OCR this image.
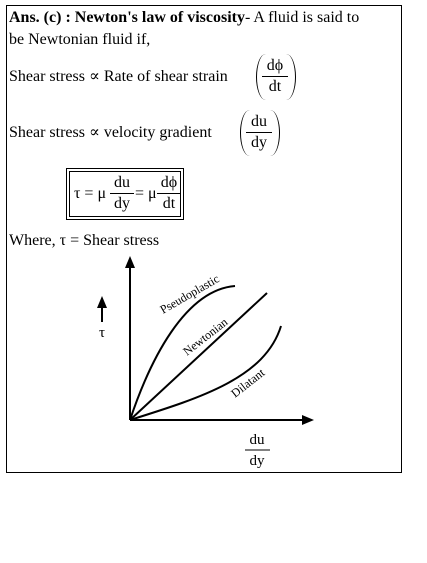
Ans. (c) : Newton's law of viscosity- A fluid is said to
be Newtonian fluid if,
Shear stress ∝ Rate of shear strain
dϕ
dt
Shear stress ∝ velocity gradient
du
dy
τ = μ
du
dy
= μ
dϕ
dt
Where, τ = Shear stress
τ
Pseudoplastic
Newtonian
Dilatant
du
dy
